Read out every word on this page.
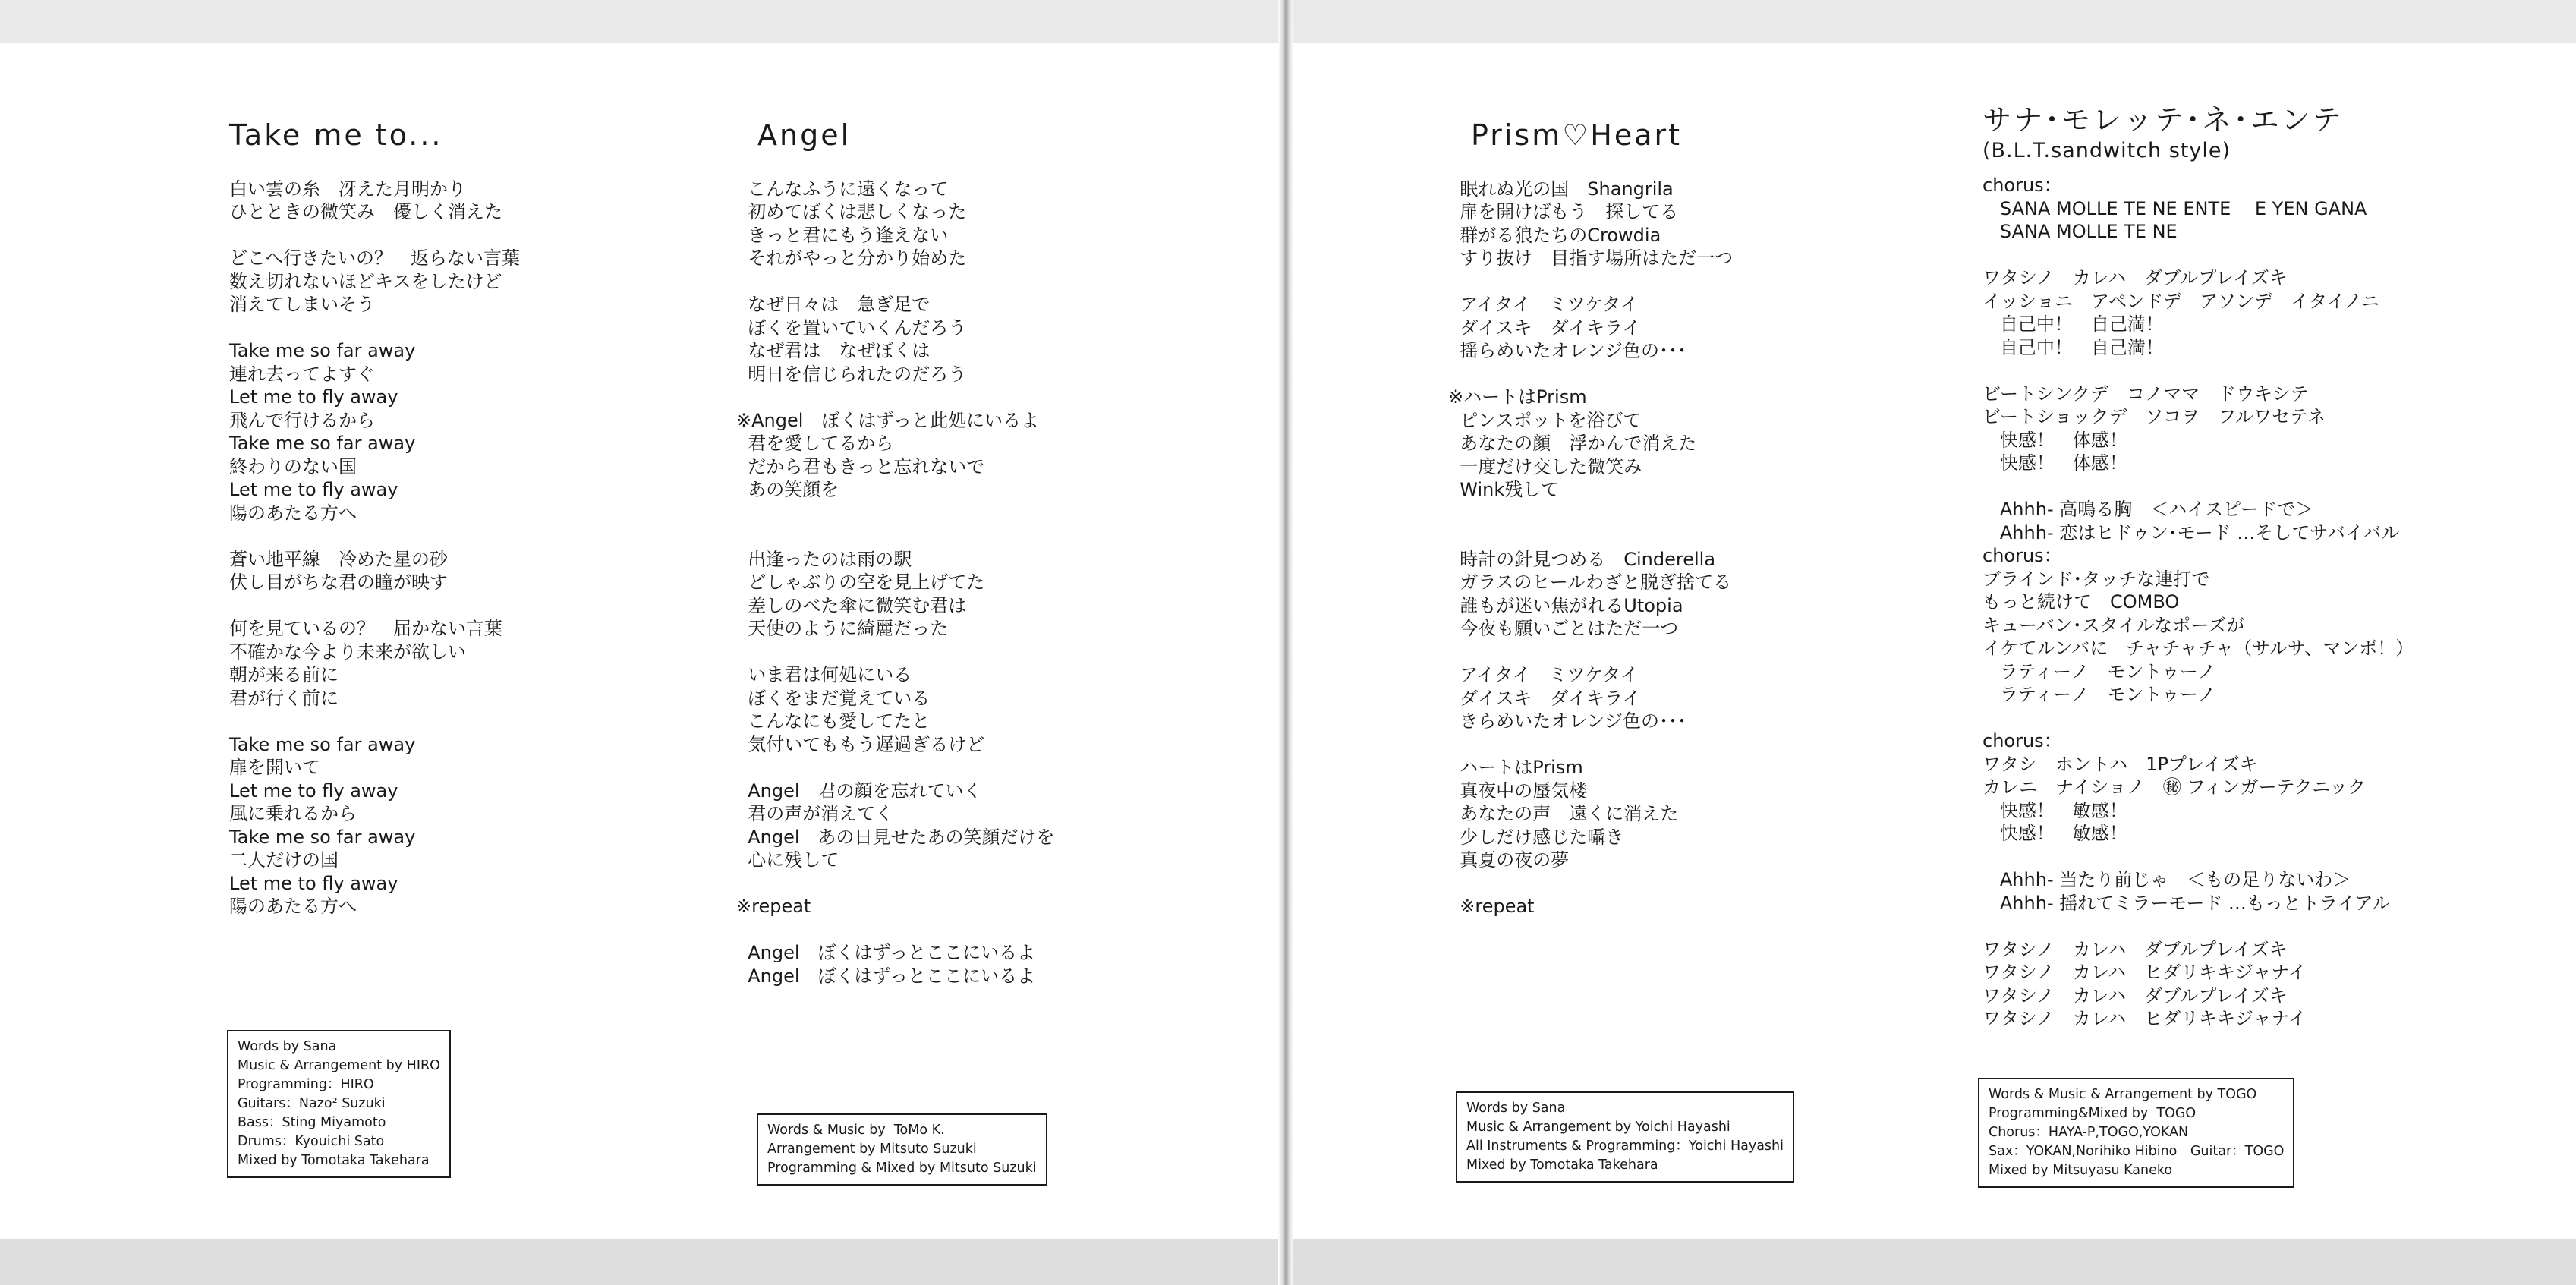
Take me to...
白い雲の糸　冴えた月明かり
ひとときの微笑み　優しく消えた

どこへ行きたいの？　返らない言葉
数え切れないほどキスをしたけど
消えてしまいそう

Take me so far away
連れ去ってよすぐ
Let me to fly away
飛んで行けるから
Take me so far away
終わりのない国
Let me to fly away
陽のあたる方へ

蒼い地平線　冷めた星の砂
伏し目がちな君の瞳が映す

何を見ているの？　届かない言葉
不確かな今より未来が欲しい
朝が来る前に
君が行く前に

Take me so far away
扉を開いて
Let me to fly away
風に乗れるから
Take me so far away
二人だけの国
Let me to fly away
陽のあたる方へ
Words by Sana
Music & Arrangement by HIRO
Programming：HIRO
Guitars：Nazo² Suzuki
Bass：Sting Miyamoto
Drums：Kyouichi Sato
Mixed by Tomotaka Takehara
Angel
こんなふうに遠くなって
初めてぼくは悲しくなった
きっと君にもう逢えない
それがやっと分かり始めた

なぜ日々は　急ぎ足で
ぼくを置いていくんだろう
なぜ君は　なぜぼくは
明日を信じられたのだろう

※Angel　ぼくはずっと此処にいるよ
君を愛してるから
だから君もきっと忘れないで
あの笑顔を

出逢ったのは雨の駅
どしゃぶりの空を見上げてた
差しのべた傘に微笑む君は
天使のように綺麗だった

いま君は何処にいる
ぼくをまだ覚えている
こんなにも愛してたと
気付いてももう遅過ぎるけど

Angel　君の顔を忘れていく
君の声が消えてく
Angel　あの日見せたあの笑顔だけを
心に残して

※repeat

Angel　ぼくはずっとここにいるよ
Angel　ぼくはずっとここにいるよ
Words & Music by  ToMo K.
Arrangement by Mitsuto Suzuki
Programming & Mixed by Mitsuto Suzuki
Prism♡Heart
眠れぬ光の国　Shangrila
扉を開けばもう　探してる
群がる狼たちのCrowdia
すり抜け　目指す場所はただ一つ

アイタイ　ミツケタイ
ダイスキ　ダイキライ
揺らめいたオレンジ色の･･･

※ハートはPrism
ピンスポットを浴びて
あなたの顔　浮かんで消えた
一度だけ交した微笑み
Wink残して

時計の針見つめる　Cinderella
ガラスのヒールわざと脱ぎ捨てる
誰もが迷い焦がれるUtopia
今夜も願いごとはただ一つ

アイタイ　ミツケタイ
ダイスキ　ダイキライ
きらめいたオレンジ色の･･･

ハートはPrism
真夜中の蜃気楼
あなたの声　遠くに消えた
少しだけ感じた囁き
真夏の夜の夢

※repeat
Words by Sana
Music & Arrangement by Yoichi Hayashi
All Instruments & Programming：Yoichi Hayashi
Mixed by Tomotaka Takehara
サナ･モレッテ･ネ･エンテ
(B.L.T.sandwitch style)
chorus：
SANA MOLLE TE NE ENTE　 E YEN GANA
SANA MOLLE TE NE

ワタシノ　カレハ　ダブルプレイズキ
イッショニ　アペンドデ　アソンデ　イタイノニ
自己中！　自己満！
自己中！　自己満！

ビートシンクデ　コノママ　ドウキシテ
ビートショックデ　ソコヲ　フルワセテネ
快感！　体感！
快感！　体感！

Ahhh- 高鳴る胸　＜ハイスピードで＞
Ahhh- 恋はヒドゥン･モード …そしてサバイバル
chorus：
ブラインド･タッチな連打で
もっと続けて　COMBO
キューバン･スタイルなポーズが
イケてルンバに　チャチャチャ（サルサ、マンボ！）
ラティーノ　モントゥーノ
ラティーノ　モントゥーノ

chorus：
ワタシ　ホントハ　1Pプレイズキ
カレニ　ナイショノ　㊙ フィンガーテクニック
快感！　敏感！
快感！　敏感！

Ahhh- 当たり前じゃ　＜もの足りないわ＞
Ahhh- 揺れてミラーモード …もっとトライアル

ワタシノ　カレハ　ダブルプレイズキ
ワタシノ　カレハ　ヒダリキキジャナイ
ワタシノ　カレハ　ダブルプレイズキ
ワタシノ　カレハ　ヒダリキキジャナイ
Words & Music & Arrangement by TOGO
Programming&Mixed by  TOGO
Chorus：HAYA-P,TOGO,YOKAN
Sax：YOKAN,Norihiko Hibino　Guitar：TOGO
Mixed by Mitsuyasu Kaneko
